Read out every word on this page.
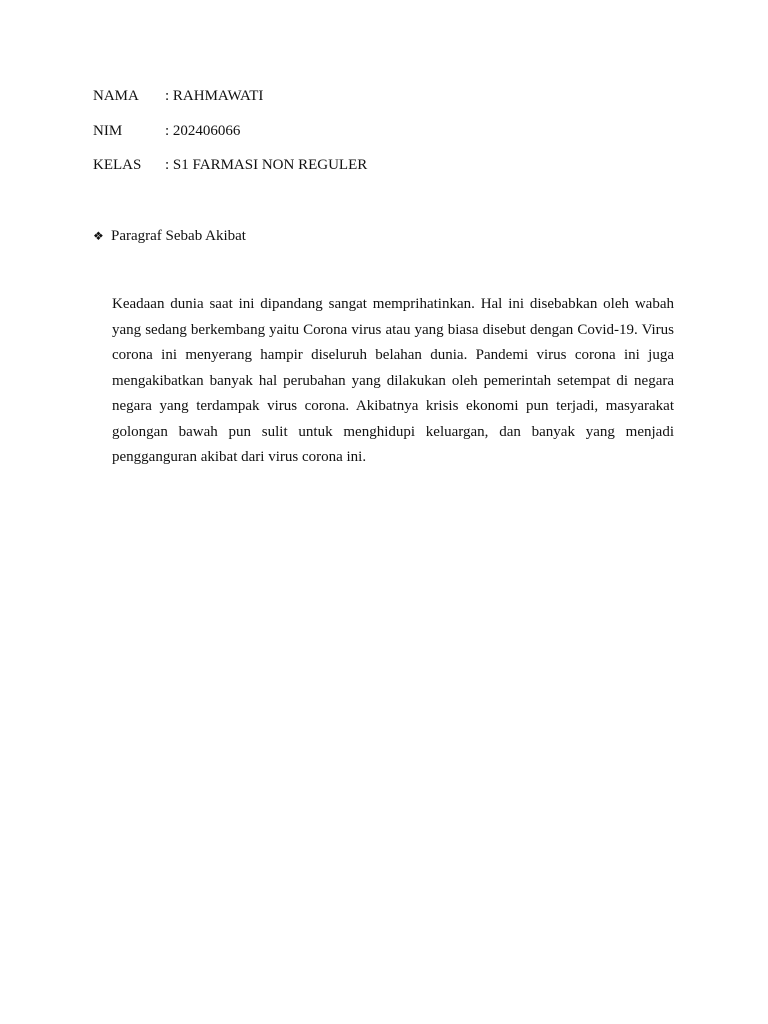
NAMA	: RAHMAWATI
NIM	: 202406066
KELAS	: S1 FARMASI NON REGULER
❖ Paragraf Sebab Akibat

Keadaan dunia saat ini dipandang sangat memprihatinkan. Hal ini disebabkan oleh wabah yang sedang berkembang yaitu Corona virus atau yang biasa disebut dengan Covid-19. Virus corona ini menyerang hampir diseluruh belahan dunia. Pandemi virus corona ini juga mengakibatkan banyak hal perubahan yang dilakukan oleh pemerintah setempat di negara negara yang terdampak virus corona. Akibatnya krisis ekonomi pun terjadi, masyarakat golongan bawah pun sulit untuk menghidupi keluargan, dan banyak yang menjadi pengganguran akibat dari virus corona ini.
